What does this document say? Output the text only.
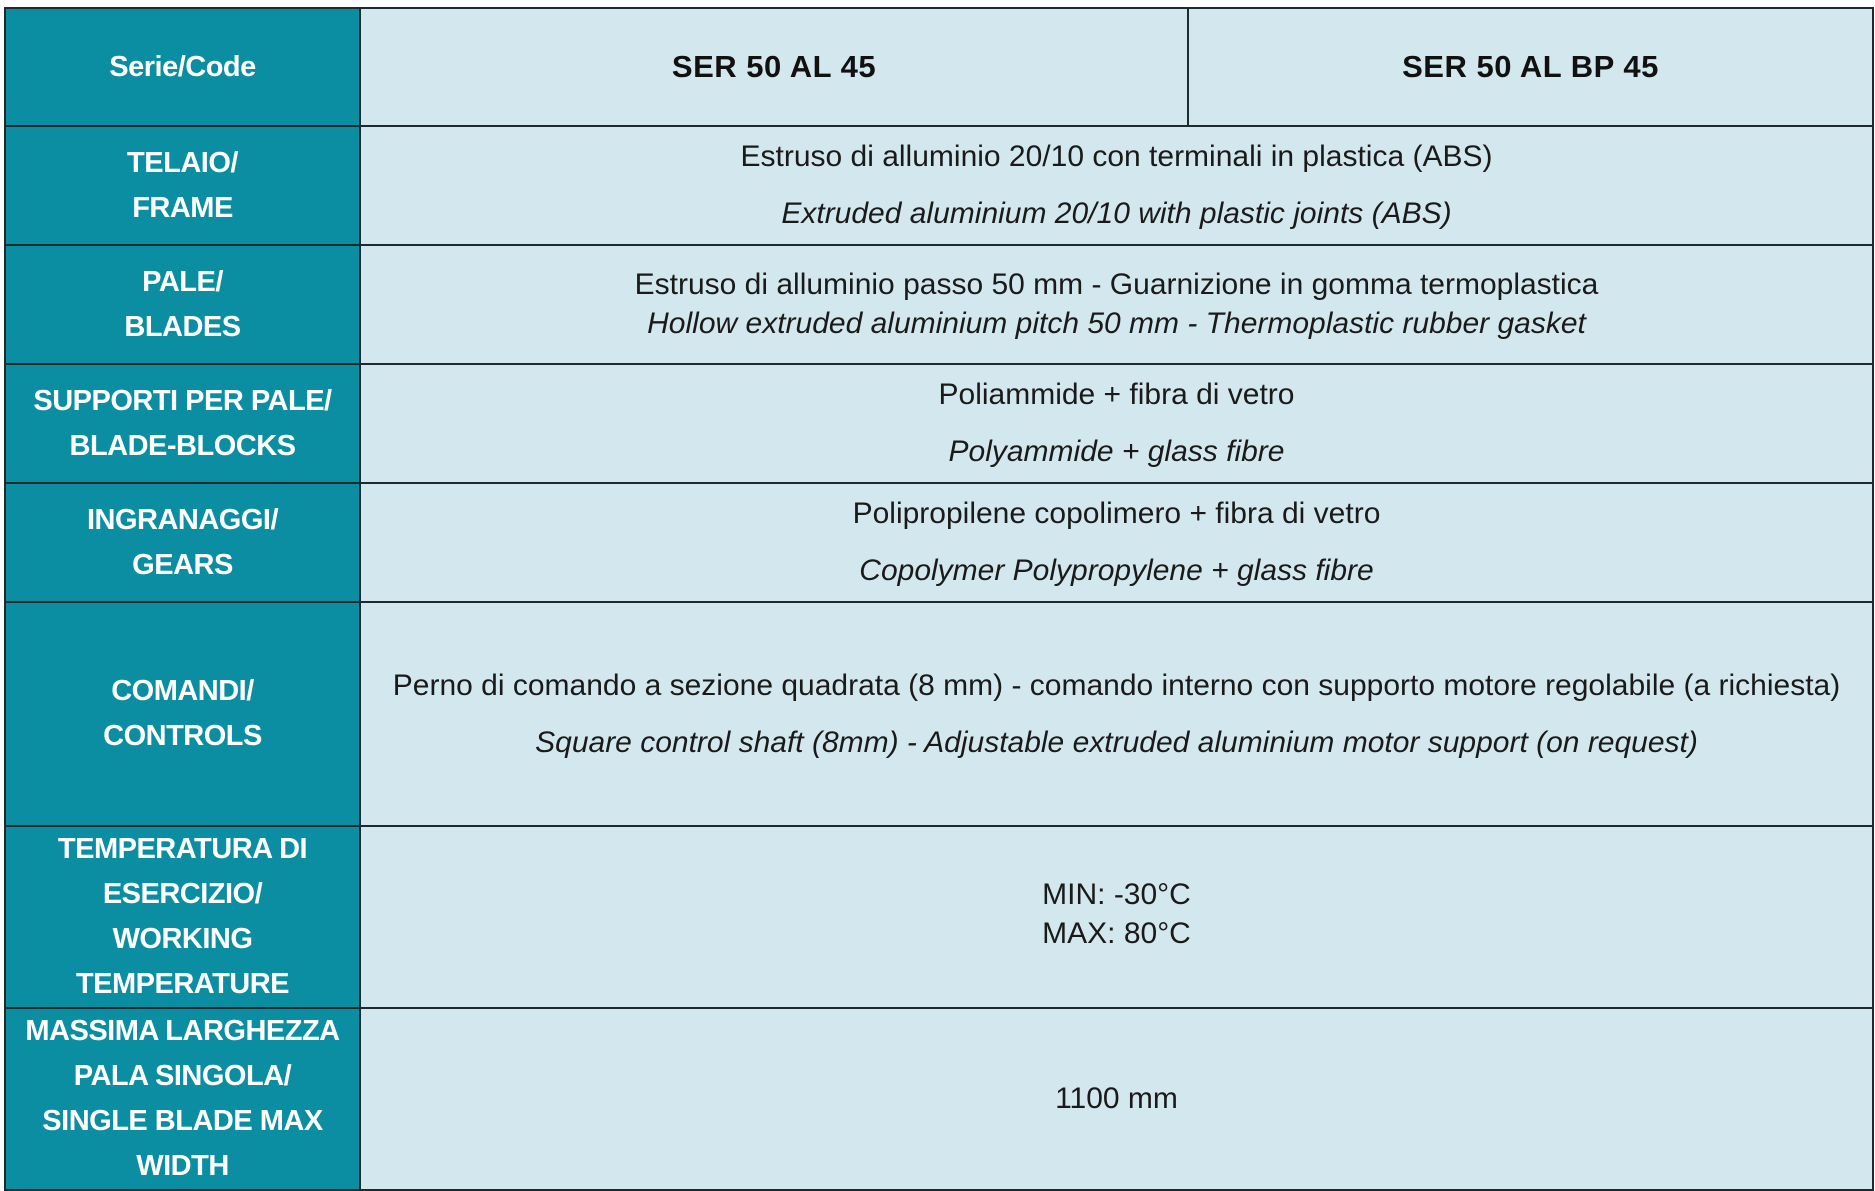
Serie/Code	SER 50 AL 45	SER 50 AL BP 45

TELAIO/
FRAME	Estruso di alluminio 20/10 con terminali in plastica (ABS)
Extruded aluminium 20/10 with plastic joints (ABS)	

PALE/
BLADES	Estruso di alluminio passo 50 mm - Guarnizione in gomma termoplastica
Hollow extruded aluminium pitch 50 mm - Thermoplastic rubber gasket	

SUPPORTI PER PALE/
BLADE-BLOCKS	Poliammide + fibra di vetro
Polyammide + glass fibre	

INGRANAGGI/
GEARS	Polipropilene copolimero + fibra di vetro
Copolymer Polypropylene + glass fibre	

COMANDI/
CONTROLS	Perno di comando a sezione quadrata (8 mm) - comando interno con supporto motore regolabile (a richiesta)
Square control shaft (8mm) - Adjustable extruded aluminium motor support (on request)	

TEMPERATURA DI ESERCIZIO/
WORKING TEMPERATURE	MIN: -30°C
MAX: 80°C	

MASSIMA LARGHEZZA
PALA SINGOLA/
SINGLE BLADE MAX WIDTH	1100 mm	
